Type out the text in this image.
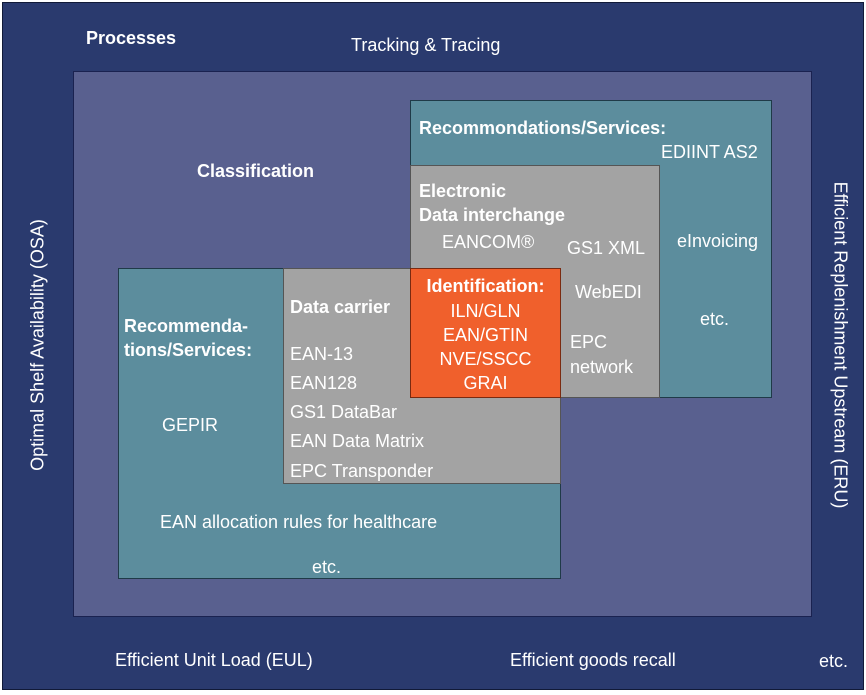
Processes	Tracking & Tracing
Optimal Shelf Availability (OSA)	Efficient Replenishment Upstream (ERU)
Efficient Unit Load (EUL)	Efficient goods recall	etc.
Classification
Recommondations/Services:
EDIINT AS2
eInvoicing
etc.
Electronic
Data interchange
EANCOM® GS1 XML
WebEDI
EPC
network
Identification:
ILN/GLN
EAN/GTIN
NVE/SSCC
GRAI
Data carrier
EAN-13
EAN128
GS1 DataBar
EAN Data Matrix
EPC Transponder
Recommenda-
tions/Services:
GEPIR
EAN allocation rules for healthcare
etc.
